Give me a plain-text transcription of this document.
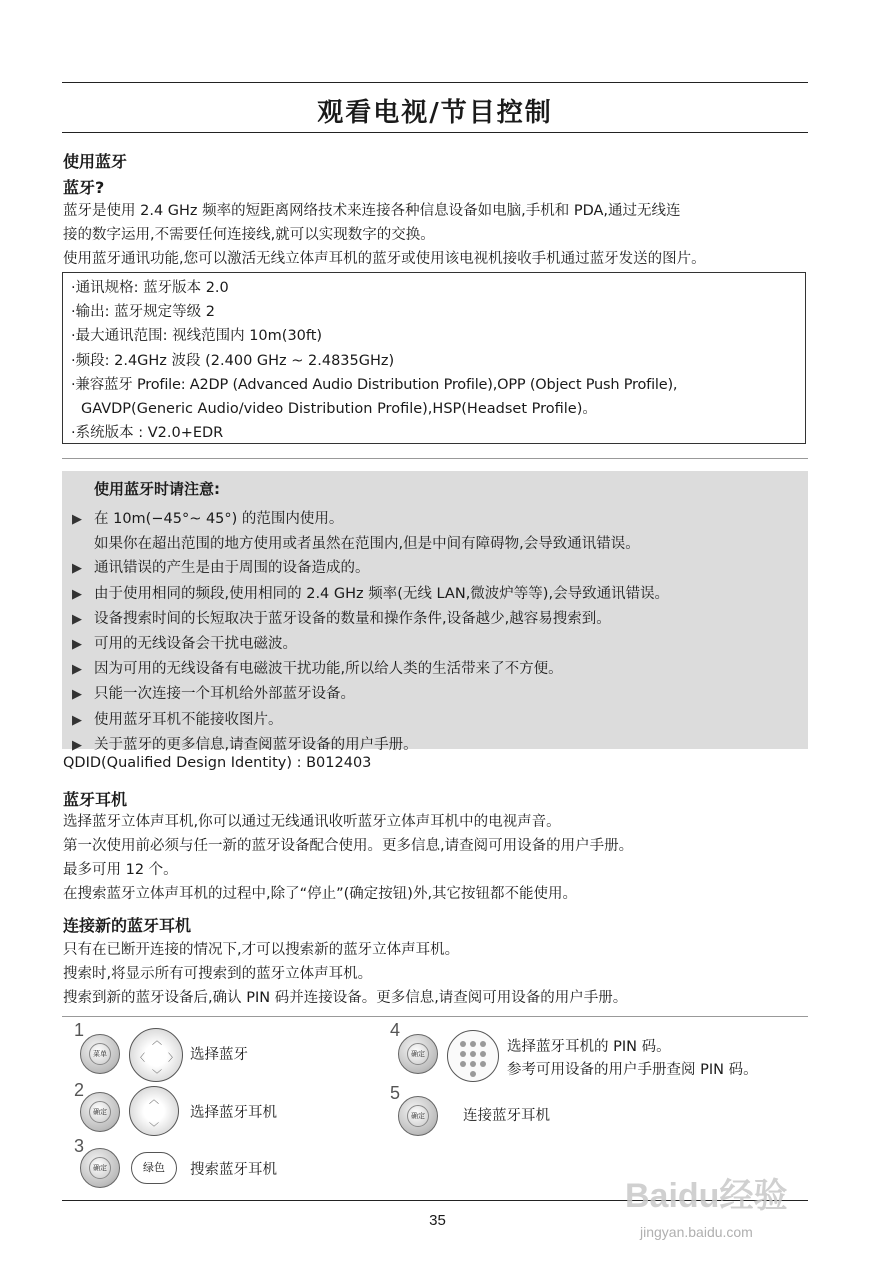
观看电视/节目控制
使用蓝牙
蓝牙?
蓝牙是使用 2.4 GHz 频率的短距离网络技术来连接各种信息设备如电脑,手机和 PDA,通过无线连
接的数字运用,不需要任何连接线,就可以实现数字的交换。
使用蓝牙通讯功能,您可以激活无线立体声耳机的蓝牙或使用该电视机接收手机通过蓝牙发送的图片。
·通讯规格: 蓝牙版本 2.0
·输出: 蓝牙规定等级 2
·最大通讯范围: 视线范围内 10m(30ft)
·频段: 2.4GHz 波段 (2.400 GHz ~ 2.4835GHz)
·兼容蓝牙 Profile: A2DP (Advanced Audio Distribution Profile),OPP (Object Push Profile),
GAVDP(Generic Audio/video Distribution Profile),HSP(Headset Profile)。
·系统版本 : V2.0+EDR
使用蓝牙时请注意:
▶ 在 10m(−45°~ 45°) 的范围内使用。
如果你在超出范围的地方使用或者虽然在范围内,但是中间有障碍物,会导致通讯错误。
▶ 通讯错误的产生是由于周围的设备造成的。
▶ 由于使用相同的频段,使用相同的 2.4 GHz 频率(无线 LAN,微波炉等等),会导致通讯错误。
▶ 设备搜索时间的长短取决于蓝牙设备的数量和操作条件,设备越少,越容易搜索到。
▶ 可用的无线设备会干扰电磁波。
▶ 因为可用的无线设备有电磁波干扰功能,所以给人类的生活带来了不方便。
▶ 只能一次连接一个耳机给外部蓝牙设备。
▶ 使用蓝牙耳机不能接收图片。
▶ 关于蓝牙的更多信息,请查阅蓝牙设备的用户手册。
QDID(Qualified Design Identity) : B012403
蓝牙耳机
选择蓝牙立体声耳机,你可以通过无线通讯收听蓝牙立体声耳机中的电视声音。
第一次使用前必须与任一新的蓝牙设备配合使用。更多信息,请查阅可用设备的用户手册。
最多可用 12 个。
在搜索蓝牙立体声耳机的过程中,除了“停止”(确定按钮)外,其它按钮都不能使用。
连接新的蓝牙耳机
只有在已断开连接的情况下,才可以搜索新的蓝牙立体声耳机。
搜索时,将显示所有可搜索到的蓝牙立体声耳机。
搜索到新的蓝牙设备后,确认 PIN 码并连接设备。更多信息,请查阅可用设备的用户手册。
1
菜单
︿
﹀
〈 〉 选择蓝牙
2
确定
︿
﹀
选择蓝牙耳机
3
确定	绿色	搜索蓝牙耳机
4
确定	选择蓝牙耳机的 PIN 码。
参考可用设备的用户手册查阅 PIN 码。
5
确定	连接蓝牙耳机
35
Baidu经验
jingyan.baidu.com
